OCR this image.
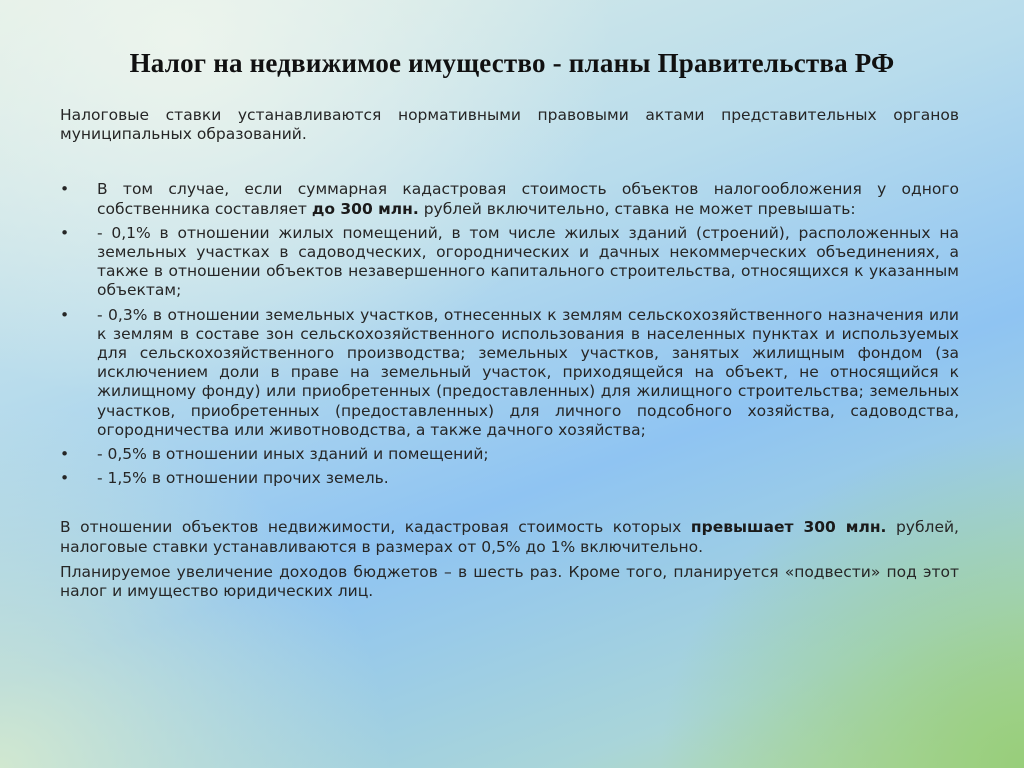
Налог на недвижимое имущество - планы Правительства РФ

Налоговые ставки устанавливаются нормативными правовыми актами представительных органов муниципальных образований.

•	В том случае, если суммарная кадастровая стоимость объектов налогообложения у одного собственника составляет до 300 млн. рублей включительно, ставка не может превышать:
•	- 0,1% в отношении жилых помещений, в том числе жилых зданий (строений), расположенных на земельных участках в садоводческих, огороднических и дачных некоммерческих объединениях, а также в отношении объектов незавершенного капитального строительства, относящихся к указанным объектам;
•	- 0,3% в отношении земельных участков, отнесенных к землям сельскохозяйственного назначения или к землям в составе зон сельскохозяйственного использования в населенных пунктах и используемых для сельскохозяйственного производства; земельных участков, занятых жилищным фондом (за исключением доли в праве на земельный участок, приходящейся на объект, не относящийся к жилищному фонду) или приобретенных (предоставленных) для жилищного строительства; земельных участков, приобретенных (предоставленных) для личного подсобного хозяйства, садоводства, огородничества или животноводства, а также дачного хозяйства;
•	- 0,5% в отношении иных зданий и помещений;
•	- 1,5% в отношении прочих земель.

В отношении объектов недвижимости, кадастровая стоимость которых превышает 300 млн. рублей, налоговые ставки устанавливаются в размерах от 0,5% до 1% включительно.

Планируемое увеличение доходов бюджетов – в шесть раз. Кроме того, планируется «подвести» под этот налог и имущество юридических лиц.
